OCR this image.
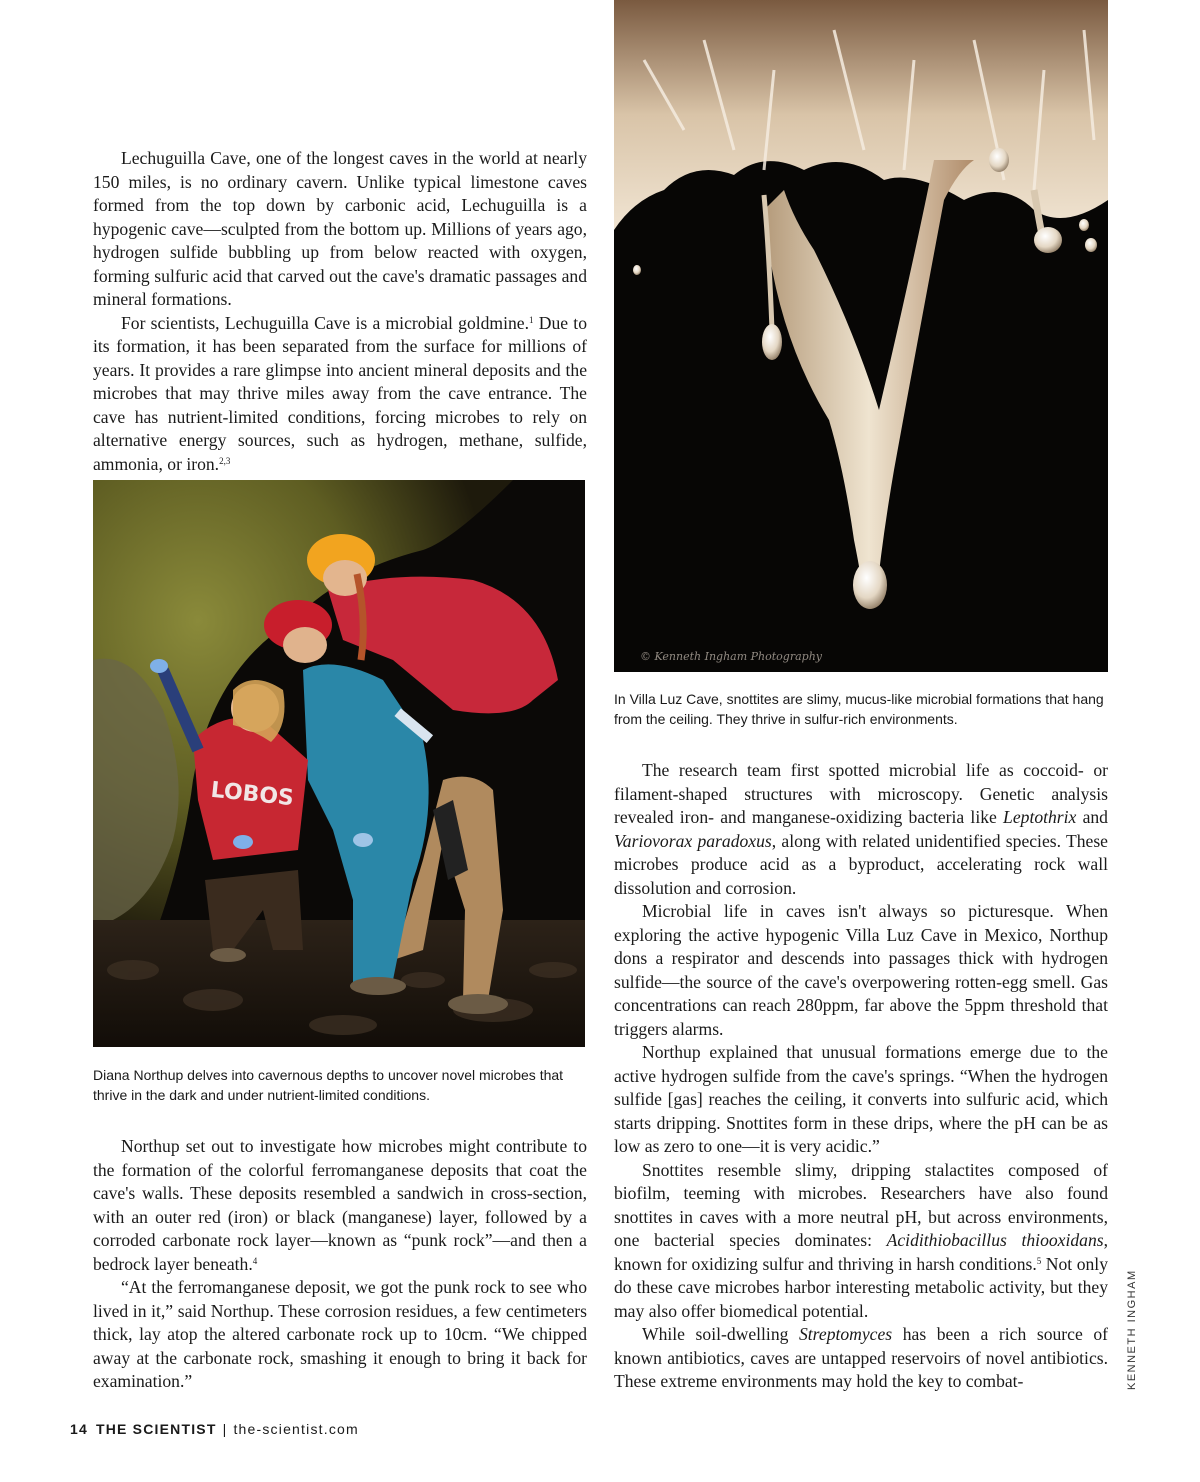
Lechuguilla Cave, one of the longest caves in the world at nearly 150 miles, is no ordinary cavern. Unlike typical limestone caves formed from the top down by carbonic acid, Lechuguilla is a hypogenic cave—sculpted from the bottom up. Millions of years ago, hydrogen sulfide bubbling up from below reacted with oxygen, forming sulfuric acid that carved out the cave's dramatic passages and mineral formations.

For scientists, Lechuguilla Cave is a microbial goldmine.$^1$ Due to its formation, it has been separated from the surface for millions of years. It provides a rare glimpse into ancient mineral deposits and the microbes that may thrive miles away from the cave entrance. The cave has nutrient-limited conditions, forcing microbes to rely on alternative energy sources, such as hydrogen, methane, sulfide, ammonia, or iron.$^{2,3}$

LOBOS
Diana Northup delves into cavernous depths to uncover novel microbes that thrive in the dark and under nutrient-limited conditions.

Northup set out to investigate how microbes might contribute to the formation of the colorful ferromanganese deposits that coat the cave's walls. These deposits resembled a sandwich in cross-section, with an outer red (iron) or black (manganese) layer, followed by a corroded carbonate rock layer—known as “punk rock”—and then a bedrock layer beneath.$^4$

“At the ferromanganese deposit, we got the punk rock to see who lived in it,” said Northup. These corrosion residues, a few centimeters thick, lay atop the altered carbonate rock up to 10cm. “We chipped away at the carbonate rock, smashing it enough to bring it back for examination.”

© Kenneth Ingham Photography
In Villa Luz Cave, snottites are slimy, mucus-like microbial formations that hang from the ceiling. They thrive in sulfur-rich environments.

The research team first spotted microbial life as coccoid- or filament-shaped structures with microscopy. Genetic analysis revealed iron- and manganese-oxidizing bacteria like Leptothrix and Variovorax paradoxus, along with related unidentified species. These microbes produce acid as a byproduct, accelerating rock wall dissolution and corrosion.

Microbial life in caves isn't always so picturesque. When exploring the active hypogenic Villa Luz Cave in Mexico, Northup dons a respirator and descends into passages thick with hydrogen sulfide—the source of the cave's overpowering rotten-egg smell. Gas concentrations can reach 280ppm, far above the 5ppm threshold that triggers alarms.

Northup explained that unusual formations emerge due to the active hydrogen sulfide from the cave's springs. “When the hydrogen sulfide [gas] reaches the ceiling, it converts into sulfuric acid, which starts dripping. Snottites form in these drips, where the pH can be as low as zero to one—it is very acidic.”

Snottites resemble slimy, dripping stalactites composed of biofilm, teeming with microbes. Researchers have also found snottites in caves with a more neutral pH, but across environments, one bacterial species dominates: Acidithiobacillus thiooxidans, known for oxidizing sulfur and thriving in harsh conditions.$^5$ Not only do these cave microbes harbor interesting metabolic activity, but they may also offer biomedical potential.

While soil-dwelling Streptomyces has been a rich source of known antibiotics, caves are untapped reservoirs of novel antibiotics. These extreme environments may hold the key to combat-	KENNETH INGHAM
14 THE SCIENTIST | the-scientist.com
